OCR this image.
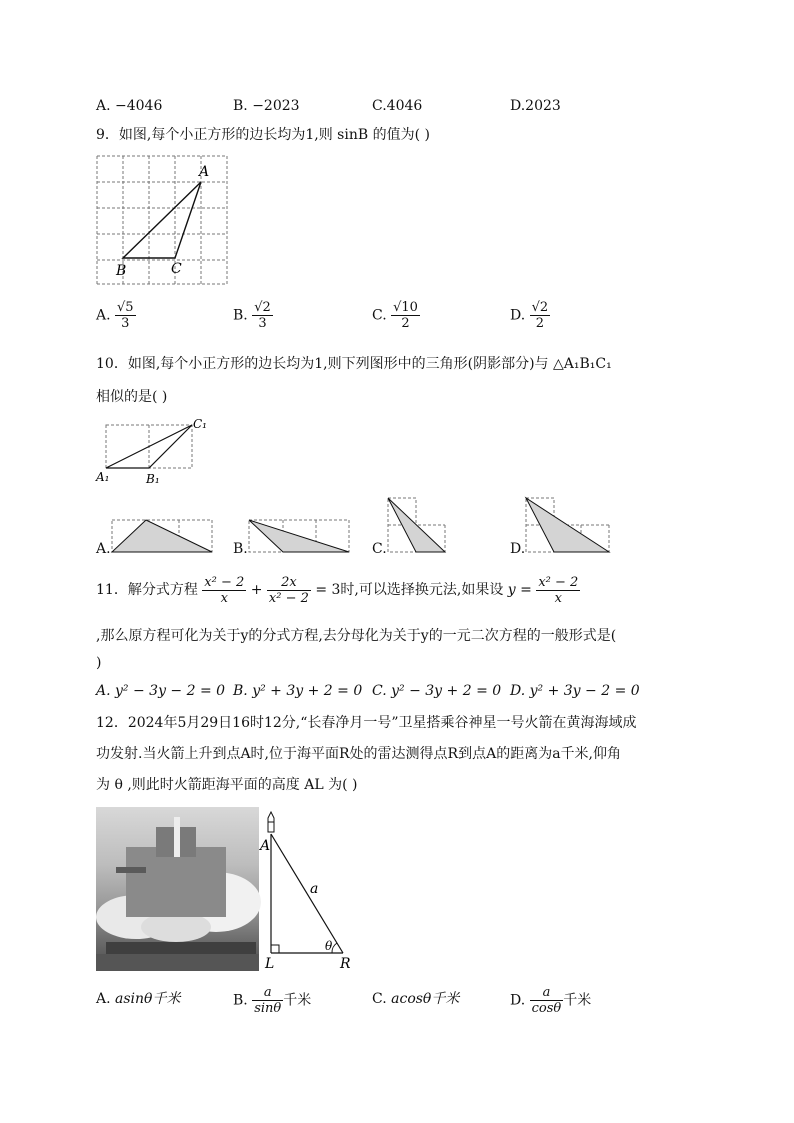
A. −4046	B. −2023	C.4046	D.2023
9．如图,每个小正方形的边长均为1,则 sinB 的值为( )
A
B	C
A. $\frac{√5}{3}$	B. $\frac{√2}{3}$	C. $\frac{√10}{2}$	D. $\frac{√2}{2}$
10．如图,每个小正方形的边长均为1,则下列图形中的三角形(阴影部分)与 △A₁B₁C₁
相似的是( )
A₁	B₁
C₁
A.	B.	C.	D.
11．解分式方程 $\frac{\text{x² − 2}}{x} + \frac{2x}{\text{x² − 2}} = 3$时,可以选择换元法,如果设 $y = \frac{\text{x² − 2}}{x}$
,那么原方程可化为关于y的分式方程,去分母化为关于y的一元二次方程的一般形式是(
)
A. y² − 3y − 2 = 0 B. y² + 3y + 2 = 0 C. y² − 3y + 2 = 0 D. y² + 3y − 2 = 0
12．2024年5月29日16时12分,“长春净月一号”卫星搭乘谷神星一号火箭在黄海海域成
功发射.当火箭上升到点A时,位于海平面R处的雷达测得点R到点A的距离为a千米,仰角
为 θ ,则此时火箭距海平面的高度 AL 为( )
A
a
θ
L	R
A. asinθ千米	B. $\frac{a}{\sin\theta}$ 千米	C. acosθ千米	D. $\frac{a}{\cos\theta}$ 千米
